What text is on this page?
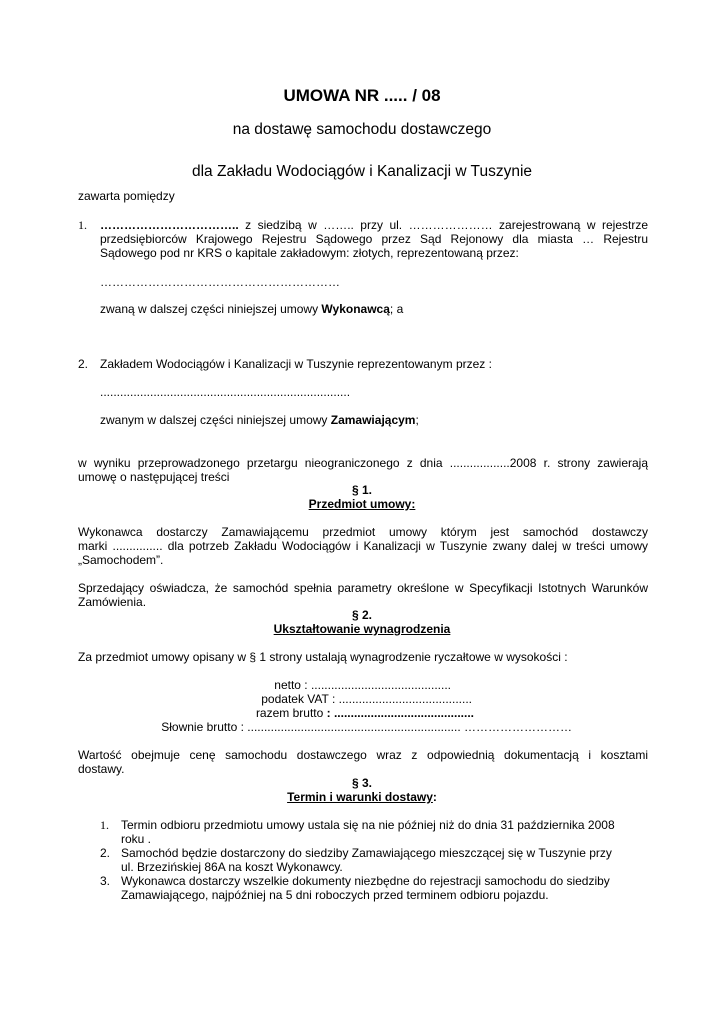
UMOWA NR ..... / 08
na dostawę samochodu dostawczego
dla Zakładu Wodociągów i Kanalizacji w Tuszynie
zawarta pomiędzy
1. …………………………….. z siedzibą w …….. przy ul. ………………… zarejestrowaną w rejestrze
przedsiębiorców Krajowego Rejestru Sądowego przez Sąd Rejonowy dla miasta … Rejestru
Sądowego pod nr KRS o kapitale zakładowym: złotych, reprezentowaną przez:
……………………………………………………
zwaną w dalszej części niniejszej umowy Wykonawcą; a
2. Zakładem Wodociągów i Kanalizacji w Tuszynie reprezentowanym przez :
...........................................................................
zwanym w dalszej części niniejszej umowy Zamawiającym;
w wyniku przeprowadzonego przetargu nieograniczonego z dnia ..................2008 r. strony zawierają
umowę o następującej treści
§ 1.
Przedmiot umowy:
Wykonawca dostarczy Zamawiającemu przedmiot umowy którym jest samochód dostawczy
marki ............... dla potrzeb Zakładu Wodociągów i Kanalizacji w Tuszynie zwany dalej w treści umowy
„Samochodem”.
Sprzedający oświadcza, że samochód spełnia parametry określone w Specyfikacji Istotnych Warunków
Zamówienia.
§ 2.
Ukształtowanie wynagrodzenia
Za przedmiot umowy opisany w § 1 strony ustalają wynagrodzenie ryczałtowe w wysokości :
netto : ..........................................
podatek VAT : ........................................
razem brutto : ..........................................
Słownie brutto : ................................................................ ………………………
Wartość obejmuje cenę samochodu dostawczego wraz z odpowiednią dokumentacją i kosztami
dostawy.
§ 3.
Termin i warunki dostawy:
1. Termin odbioru przedmiotu umowy ustala się na nie później niż do dnia 31 października 2008
roku .
2. Samochód będzie dostarczony do siedziby Zamawiającego mieszczącej się w Tuszynie przy
ul. Brzezińskiej 86A na koszt Wykonawcy.
3. Wykonawca dostarczy wszelkie dokumenty niezbędne do rejestracji samochodu do siedziby
Zamawiającego, najpóźniej na 5 dni roboczych przed terminem odbioru pojazdu.
